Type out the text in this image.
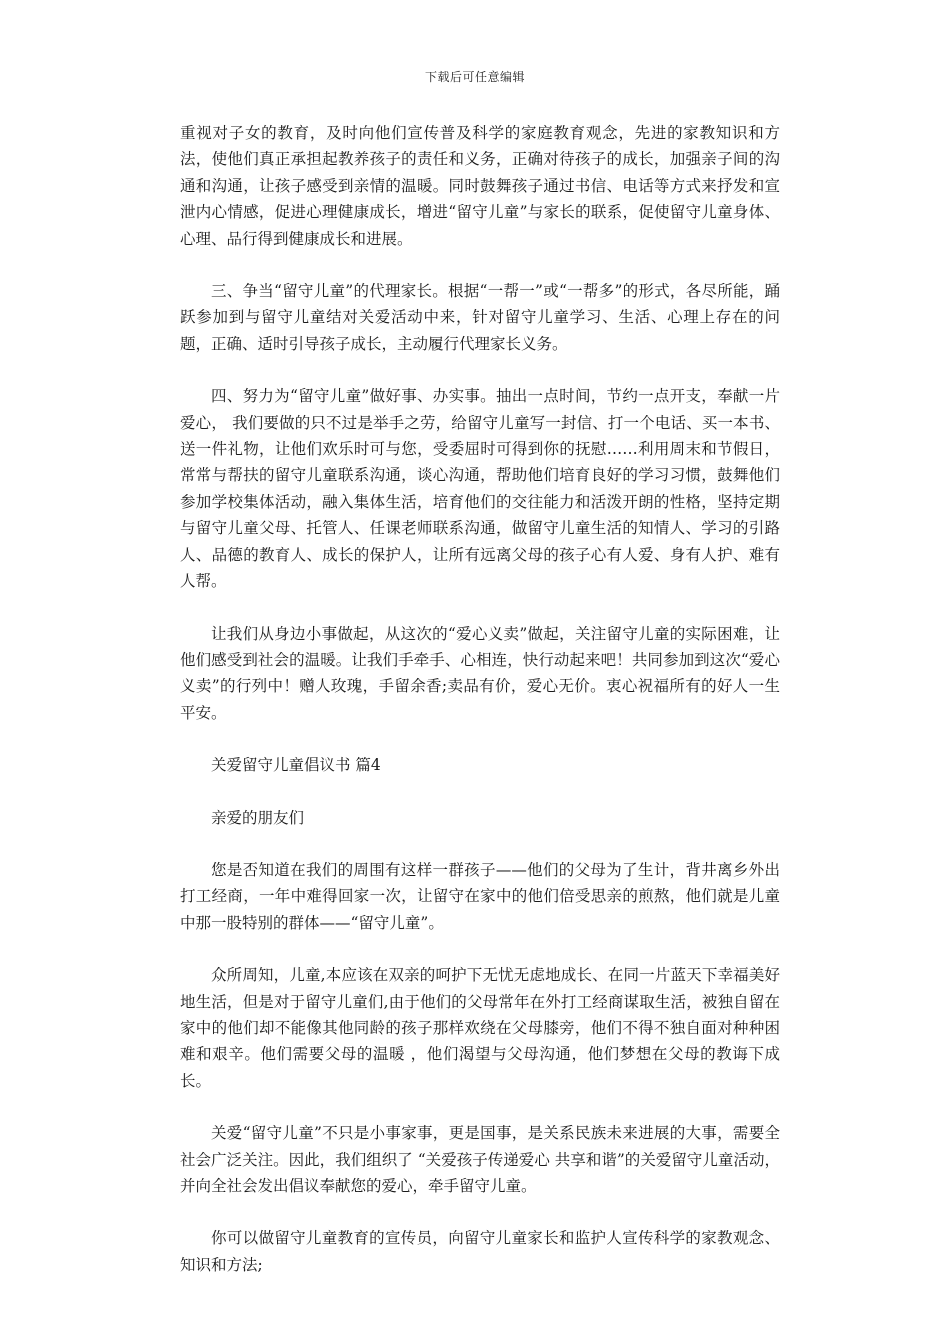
下载后可任意编辑

重视对子女的教育，及时向他们宣传普及科学的家庭教育观念，先进的家教知识和方法，使他们真正承担起教养孩子的责任和义务，正确对待孩子的成长，加强亲子间的沟通和沟通，让孩子感受到亲情的温暖。同时鼓舞孩子通过书信、电话等方式来抒发和宣泄内心情感，促进心理健康成长，增进“留守儿童”与家长的联系，促使留守儿童身体、心理、品行得到健康成长和进展。

三、争当“留守儿童”的代理家长。根据“一帮一”或“一帮多”的形式，各尽所能，踊跃参加到与留守儿童结对关爱活动中来，针对留守儿童学习、生活、心理上存在的问题，正确、适时引导孩子成长，主动履行代理家长义务。

四、努力为“留守儿童”做好事、办实事。抽出一点时间，节约一点开支，奉献一片爱心， 我们要做的只不过是举手之劳，给留守儿童写一封信、打一个电话、买一本书、送一件礼物，让他们欢乐时可与您，受委屈时可得到你的抚慰……利用周末和节假日，常常与帮扶的留守儿童联系沟通，谈心沟通，帮助他们培育良好的学习习惯，鼓舞他们参加学校集体活动，融入集体生活，培育他们的交往能力和活泼开朗的性格，坚持定期与留守儿童父母、托管人、任课老师联系沟通，做留守儿童生活的知情人、学习的引路人、品德的教育人、成长的保护人，让所有远离父母的孩子心有人爱、身有人护、难有人帮。

让我们从身边小事做起，从这次的“爱心义卖”做起，关注留守儿童的实际困难，让他们感受到社会的温暖。让我们手牵手、心相连，快行动起来吧！共同参加到这次“爱心义卖”的行列中！赠人玫瑰，手留余香;卖品有价，爱心无价。衷心祝福所有的好人一生平安。

关爱留守儿童倡议书 篇4

亲爱的朋友们

您是否知道在我们的周围有这样一群孩子——他们的父母为了生计，背井离乡外出打工经商，一年中难得回家一次，让留守在家中的他们倍受思亲的煎熬，他们就是儿童中那一股特别的群体——“留守儿童”。

众所周知，儿童,本应该在双亲的呵护下无忧无虑地成长、在同一片蓝天下幸福美好地生活，但是对于留守儿童们,由于他们的父母常年在外打工经商谋取生活，被独自留在家中的他们却不能像其他同龄的孩子那样欢绕在父母膝旁，他们不得不独自面对种种困难和艰辛。他们需要父母的温暖 ，他们渴望与父母沟通，他们梦想在父母的教诲下成长。

关爱“留守儿童”不只是小事家事，更是国事，是关系民族未来进展的大事，需要全社会广泛关注。因此，我们组织了 “关爱孩子传递爱心 共享和谐”的关爱留守儿童活动，并向全社会发出倡议奉献您的爱心，牵手留守儿童。

你可以做留守儿童教育的宣传员，向留守儿童家长和监护人宣传科学的家教观念、知识和方法;
